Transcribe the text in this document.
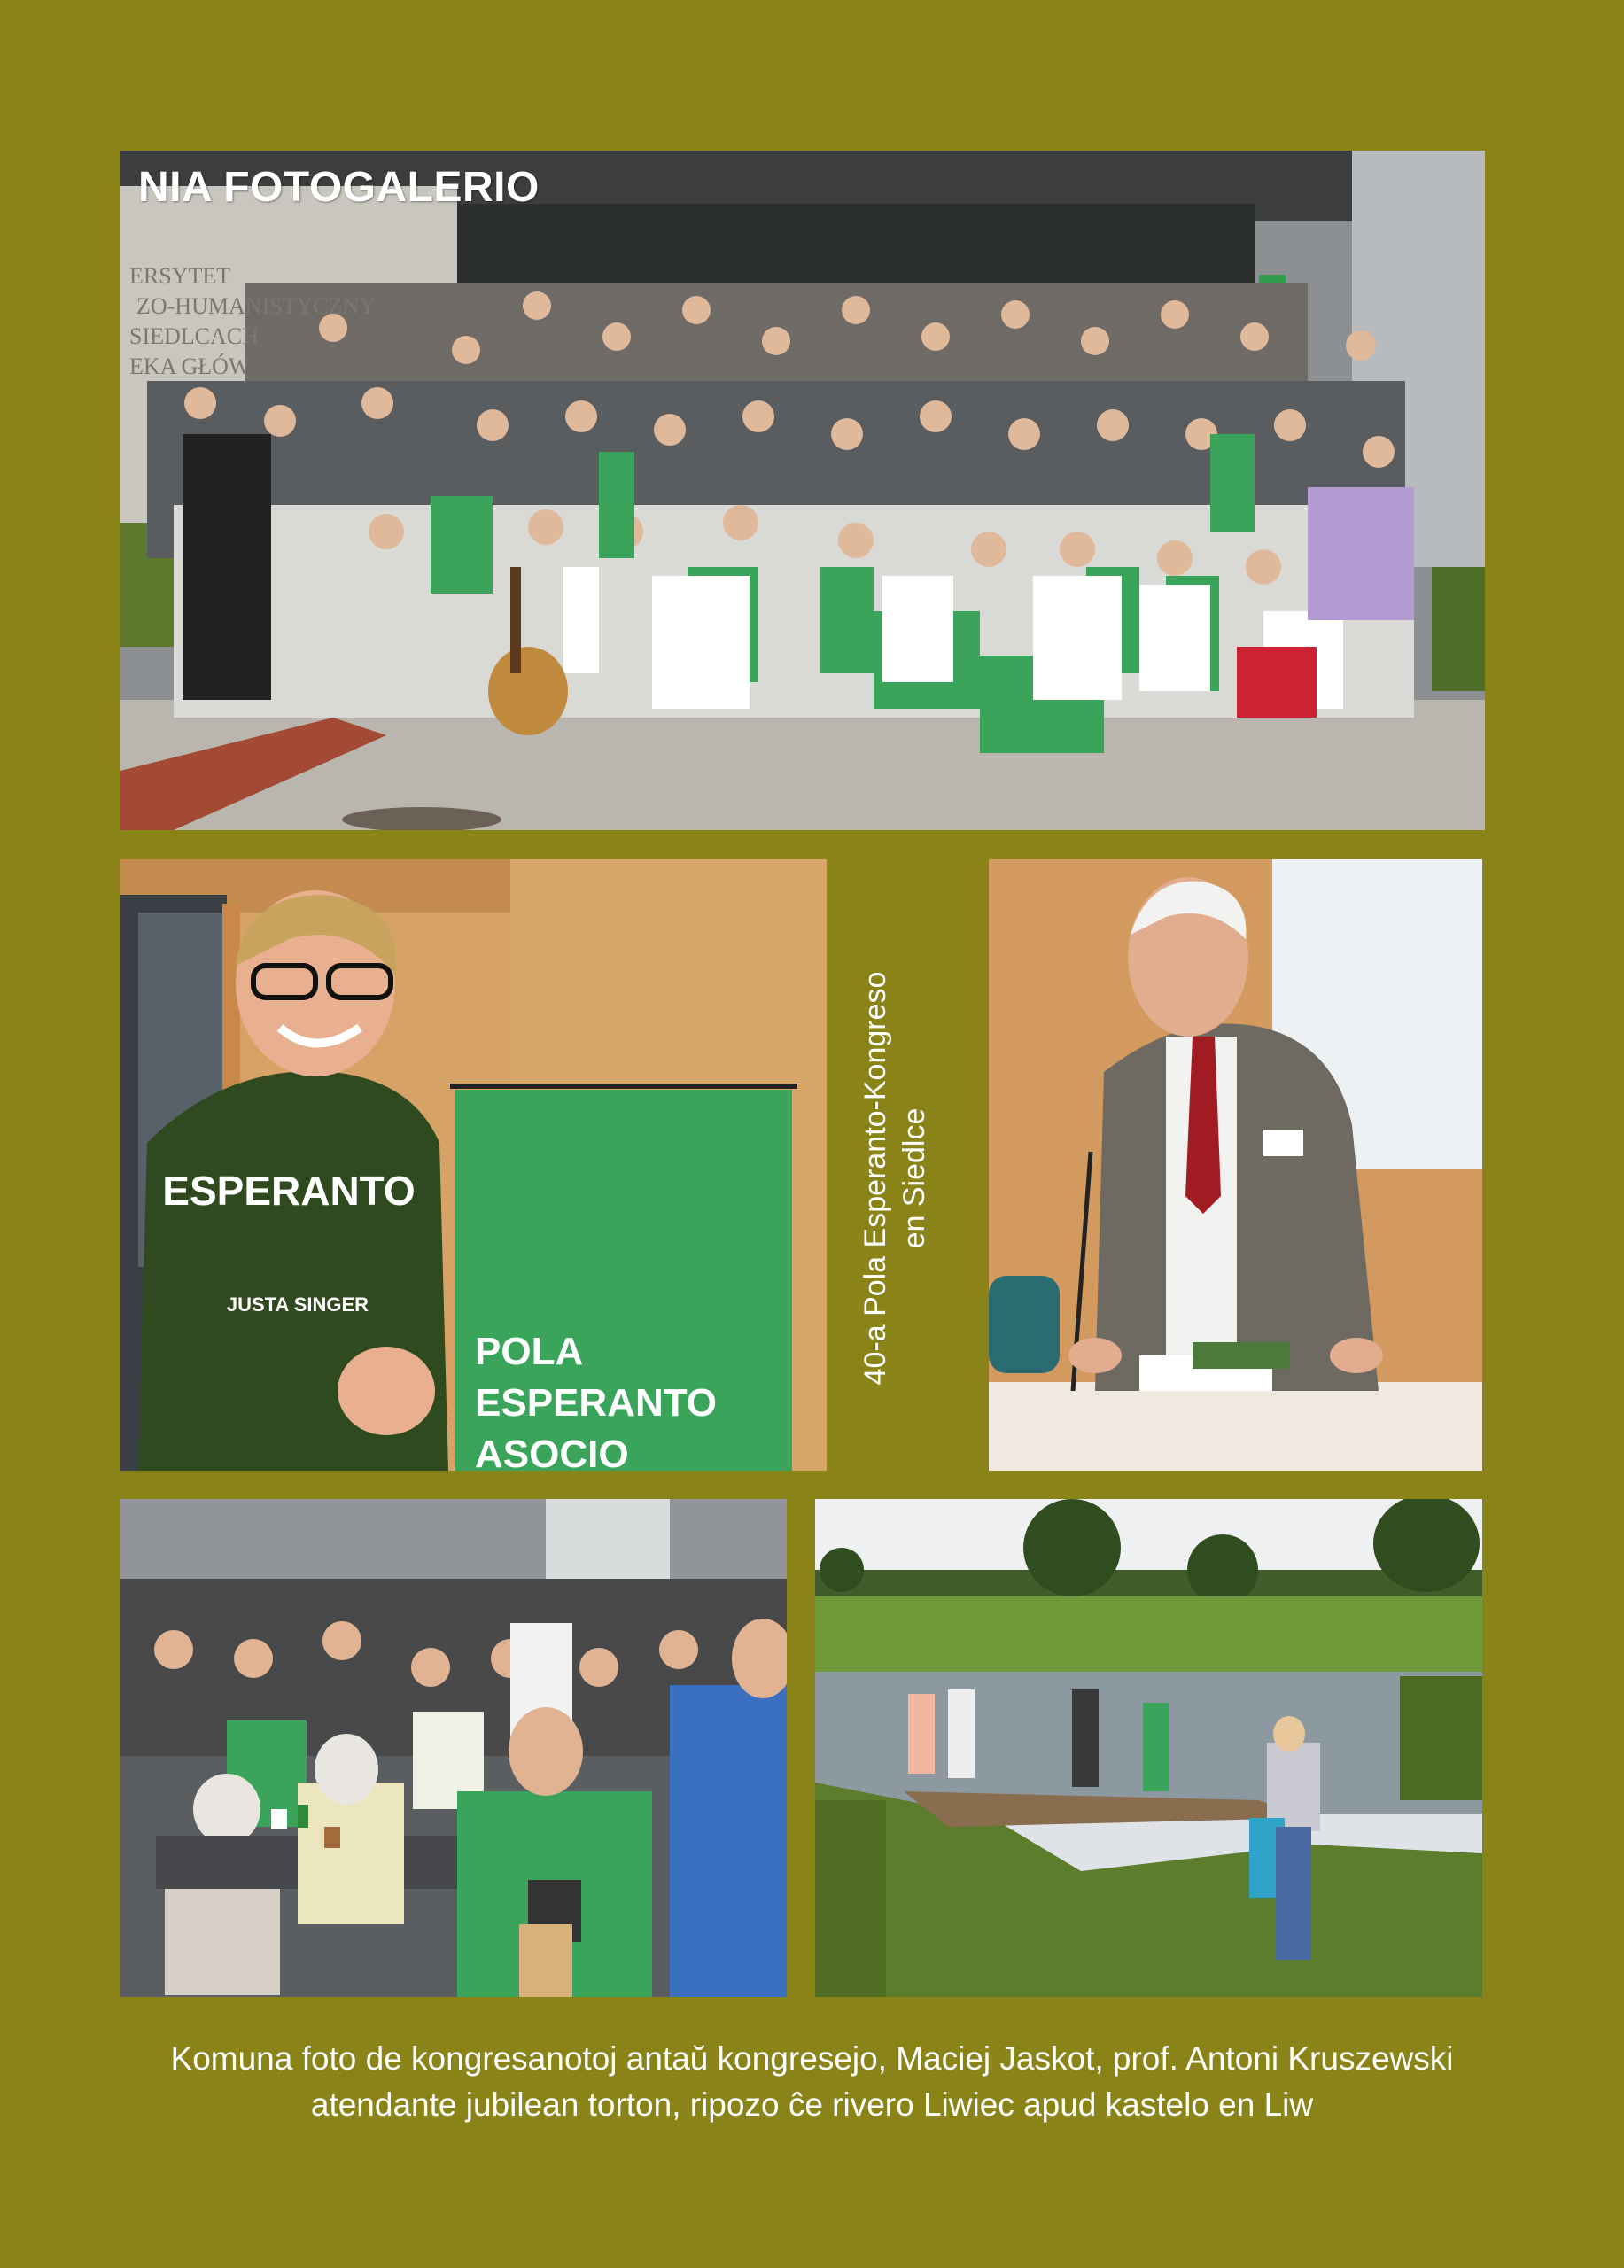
ERSYTET
ZO-HUMANISTYCZNY
SIEDLCACH
EKA GŁÓW
NIA FOTOGALERIO
ESPERANTO
JUSTA SINGER
POLA
ESPERANTO
ASOCIO
40-a Pola Esperanto-Kongreso en Siedlce
Komuna foto de kongresanotoj antaŭ kongresejo, Maciej Jaskot, prof. Antoni Kruszewski
atendante jubilean torton, ripozo ĉe rivero Liwiec apud kastelo en Liw
